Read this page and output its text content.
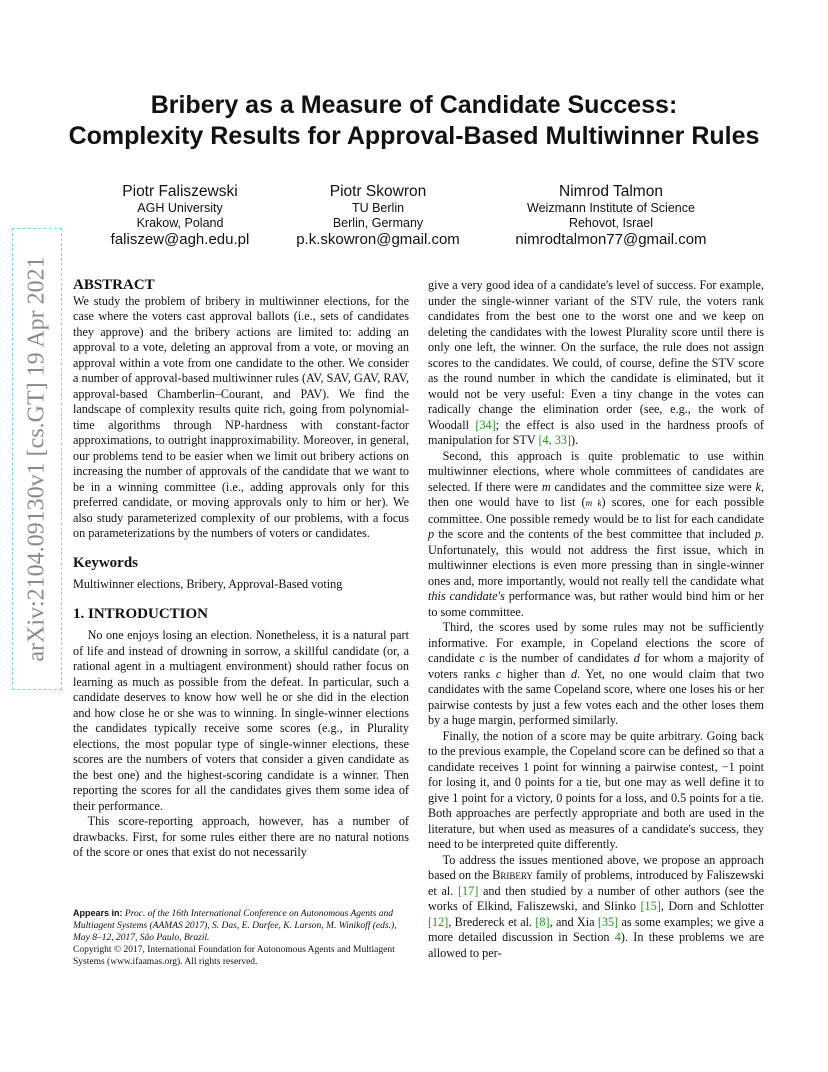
arXiv:2104.09130v1 [cs.GT] 19 Apr 2021
Bribery as a Measure of Candidate Success:
Complexity Results for Approval-Based Multiwinner Rules
Piotr Faliszewski
AGH University
Krakow, Poland
faliszew@agh.edu.pl
Piotr Skowron
TU Berlin
Berlin, Germany
p.k.skowron@gmail.com
Nimrod Talmon
Weizmann Institute of Science
Rehovot, Israel
nimrodtalmon77@gmail.com
ABSTRACT

We study the problem of bribery in multiwinner elections, for the case where the voters cast approval ballots (i.e., sets of candidates they approve) and the bribery actions are limited to: adding an approval to a vote, deleting an approval from a vote, or moving an approval within a vote from one candidate to the other. We consider a number of approval-based multiwinner rules (AV, SAV, GAV, RAV, approval-based Chamberlin–Courant, and PAV). We find the landscape of complexity results quite rich, going from polynomial-time algorithms through NP-hardness with constant-factor approximations, to outright inapproximability. Moreover, in general, our problems tend to be easier when we limit out bribery actions on increasing the number of approvals of the candidate that we want to be in a winning committee (i.e., adding approvals only for this preferred candidate, or moving approvals only to him or her). We also study parameterized complexity of our problems, with a focus on parameterizations by the numbers of voters or candidates.

Keywords

Multiwinner elections, Bribery, Approval-Based voting

1. INTRODUCTION

No one enjoys losing an election. Nonetheless, it is a natural part of life and instead of drowning in sorrow, a skillful candidate (or, a rational agent in a multiagent environment) should rather focus on learning as much as possible from the defeat. In particular, such a candidate deserves to know how well he or she did in the election and how close he or she was to winning. In single-winner elections the candidates typically receive some scores (e.g., in Plurality elections, the most popular type of single-winner elections, these scores are the numbers of voters that consider a given candidate as the best one) and the highest-scoring candidate is a winner. Then reporting the scores for all the candidates gives them some idea of their performance.

This score-reporting approach, however, has a number of drawbacks. First, for some rules either there are no natural notions of the score or ones that exist do not necessarily

Appears in: Proc. of the 16th International Conference on Autonomous Agents and Multiagent Systems (AAMAS 2017), S. Das, E. Durfee, K. Larson, M. Winikoff (eds.), May 8–12, 2017, São Paulo, Brazil.
Copyright © 2017, International Foundation for Autonomous Agents and Multiagent Systems (www.ifaamas.org). All rights reserved.

give a very good idea of a candidate's level of success. For example, under the single-winner variant of the STV rule, the voters rank candidates from the best one to the worst one and we keep on deleting the candidates with the lowest Plurality score until there is only one left, the winner. On the surface, the rule does not assign scores to the candidates. We could, of course, define the STV score as the round number in which the candidate is eliminated, but it would not be very useful: Even a tiny change in the votes can radically change the elimination order (see, e.g., the work of Woodall [34]; the effect is also used in the hardness proofs of manipulation for STV [4, 33]).

Second, this approach is quite problematic to use within multiwinner elections, where whole committees of candidates are selected. If there were m candidates and the committee size were k, then one would have to list (m k) scores, one for each possible committee. One possible remedy would be to list for each candidate p the score and the contents of the best committee that included p. Unfortunately, this would not address the first issue, which in multiwinner elections is even more pressing than in single-winner ones and, more importantly, would not really tell the candidate what this candidate's performance was, but rather would bind him or her to some committee.

Third, the scores used by some rules may not be sufficiently informative. For example, in Copeland elections the score of candidate c is the number of candidates d for whom a majority of voters ranks c higher than d. Yet, no one would claim that two candidates with the same Copeland score, where one loses his or her pairwise contests by just a few votes each and the other loses them by a huge margin, performed similarly.

Finally, the notion of a score may be quite arbitrary. Going back to the previous example, the Copeland score can be defined so that a candidate receives 1 point for winning a pairwise contest, −1 point for losing it, and 0 points for a tie, but one may as well define it to give 1 point for a victory, 0 points for a loss, and 0.5 points for a tie. Both approaches are perfectly appropriate and both are used in the literature, but when used as measures of a candidate's success, they need to be interpreted quite differently.

To address the issues mentioned above, we propose an approach based on the Bribery family of problems, introduced by Faliszewski et al. [17] and then studied by a number of other authors (see the works of Elkind, Faliszewski, and Slinko [15], Dorn and Schlotter [12], Bredereck et al. [8], and Xia [35] as some examples; we give a more detailed discussion in Section 4). In these problems we are allowed to per-
